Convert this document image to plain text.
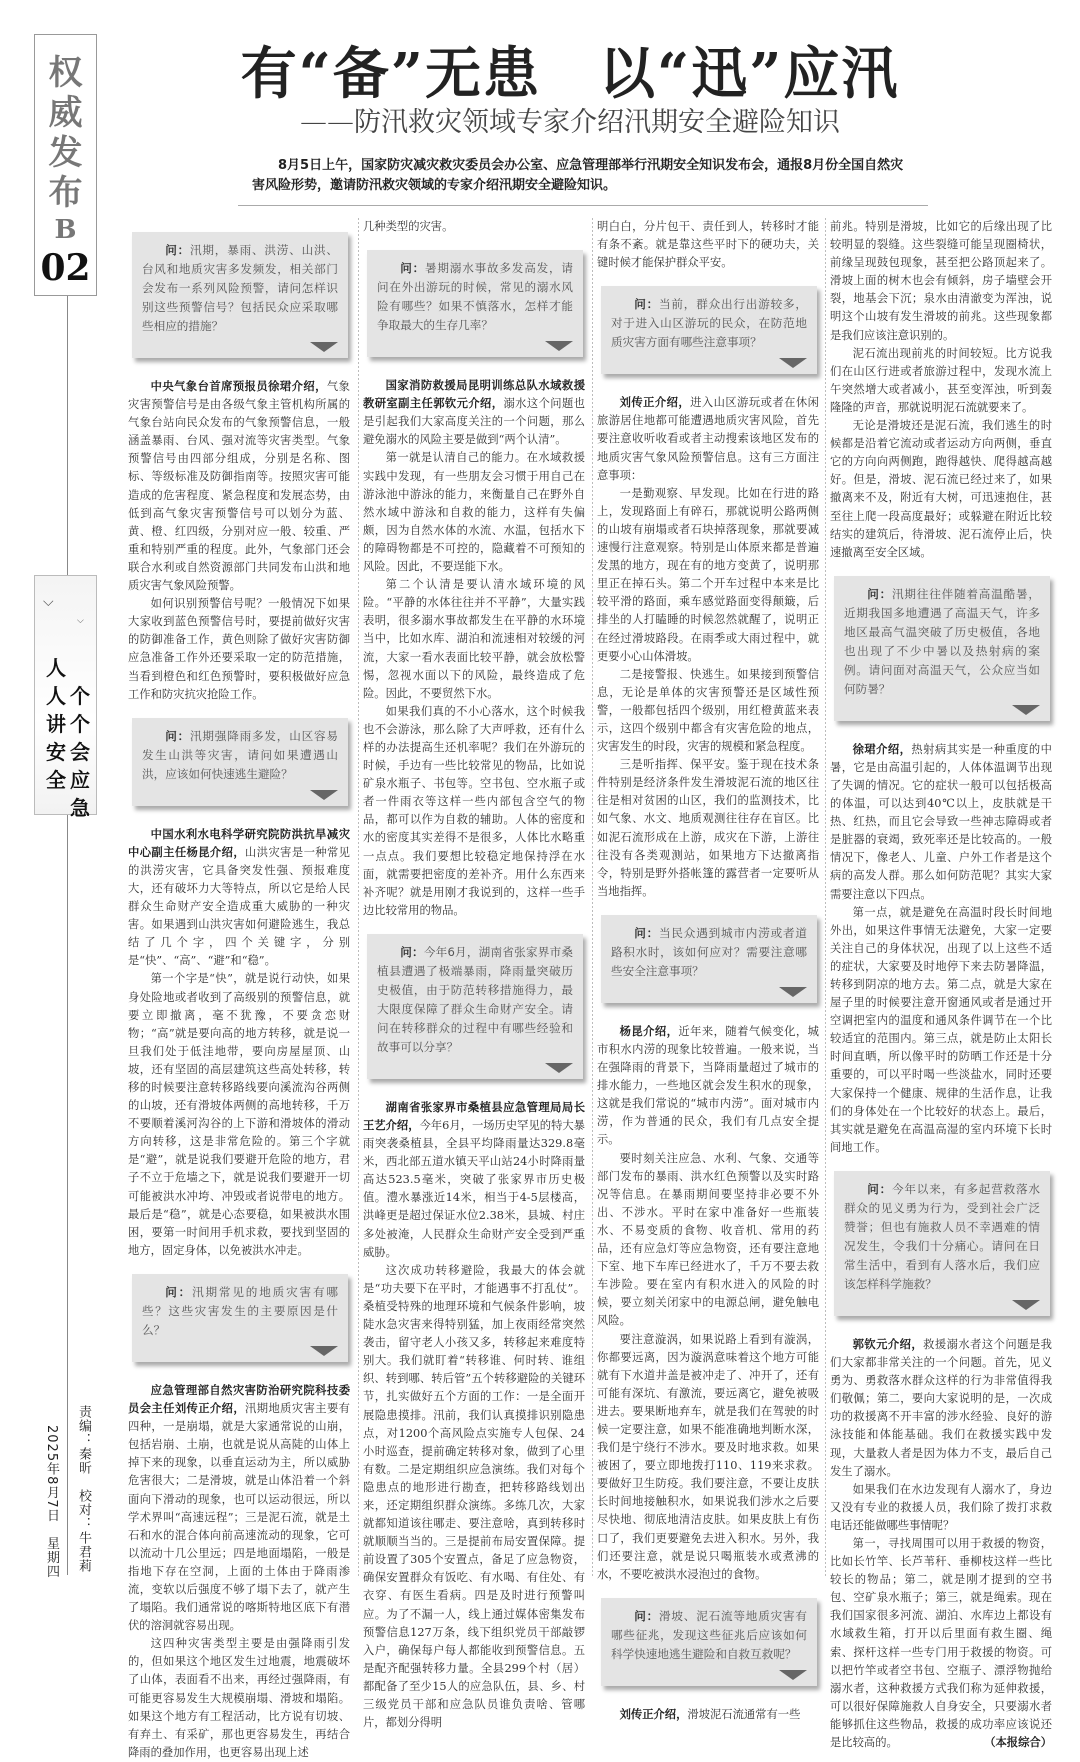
权
威
发
布
B
02
⌵
⌵
人
人
讲
安
全
个
个
会
应
急
责编：秦昕　校对：牛君莉
2025年8月7日　星期四
有“备”无患　以“迅”应汛
——防汛救灾领域专家介绍汛期安全避险知识
8月5日上午，国家防灾减灾救灾委员会办公室、应急管理部举行汛期安全知识发布会，通报8月份全国自然灾害风险形势，邀请防汛救灾领域的专家介绍汛期安全避险知识。
问：汛期，暴雨、洪涝、山洪、台风和地质灾害多发频发，相关部门会发布一系列风险预警，请问怎样识别这些预警信号？包括民众应采取哪些相应的措施？

中央气象台首席预报员徐珺介绍，气象灾害预警信号是由各级气象主管机构所属的气象台站向民众发布的气象预警信息，一般涵盖暴雨、台风、强对流等灾害类型。气象预警信号由四部分组成，分别是名称、图标、等级标准及防御指南等。按照灾害可能造成的危害程度、紧急程度和发展态势，由低到高气象灾害预警信号可以划分为蓝、黄、橙、红四级，分别对应一般、较重、严重和特别严重的程度。此外，气象部门还会联合水利或自然资源部门共同发布山洪和地质灾害气象风险预警。

如何识别预警信号呢？一般情况下如果大家收到蓝色预警信号时，要提前做好灾害的防御准备工作，黄色则除了做好灾害防御应急准备工作外还要采取一定的防范措施，当看到橙色和红色预警时，要积极做好应急工作和防灾抗灾抢险工作。

问：汛期强降雨多发，山区容易发生山洪等灾害，请问如果遭遇山洪，应该如何快速逃生避险？

中国水利水电科学研究院防洪抗旱减灾中心副主任杨昆介绍，山洪灾害是一种常见的洪涝灾害，它具备突发性强、预报难度大，还有破坏力大等特点，所以它是给人民群众生命财产安全造成重大威胁的一种灾害。如果遇到山洪灾害如何避险逃生，我总结了几个字，四个关键字，分别是“快”、“高”、“避”和“稳”。

第一个字是“快”，就是说行动快，如果身处险地或者收到了高级别的预警信息，就要立即撤离，毫不犹豫，不要贪恋财物；“高”就是要向高的地方转移，就是说一旦我们处于低洼地带，要向房屋屋顶、山坡，还有坚固的高层建筑这些高处转移，转移的时候要注意转移路线要向溪流沟谷两侧的山坡，还有滑坡体两侧的高地转移，千万不要顺着溪河沟谷的上下游和滑坡体的滑动方向转移，这是非常危险的。第三个字就是“避”，就是说我们要避开危险的地方，君子不立于危墙之下，就是说我们要避开一切可能被洪水冲垮、冲毁或者说带电的地方。最后是“稳”，就是心态要稳，如果被洪水围困，要第一时间用手机求救，要找到坚固的地方，固定身体，以免被洪水冲走。

问：汛期常见的地质灾害有哪些？这些灾害发生的主要原因是什么？

应急管理部自然灾害防治研究院科技委员会主任刘传正介绍，汛期地质灾害主要有四种，一是崩塌，就是大家通常说的山崩，包括岩崩、土崩，也就是说从高陡的山体上掉下来的现象，以垂直运动为主，所以威胁危害很大；二是滑坡，就是山体沿着一个斜面向下滑动的现象，也可以运动很远，所以学术界叫“高速远程”；三是泥石流，就是土石和水的混合体向前高速流动的现象，它可以流动十几公里远；四是地面塌陷，一般是指地下存在空洞，上面的土体由于降雨渗流，变软以后强度不够了塌下去了，就产生了塌陷。我们通常说的喀斯特地区底下有潜伏的溶洞就容易出现。

这四种灾害类型主要是由强降雨引发的，但如果这个地区发生过地震，地震破坏了山体，表面看不出来，再经过强降雨，有可能更容易发生大规模崩塌、滑坡和塌陷。如果这个地方有工程活动，比方说有切坡、有弃土、有采矿，那也更容易发生，再结合降雨的叠加作用，也更容易出现上述

几种类型的灾害。

问：暑期溺水事故多发高发，请问在外出游玩的时候，常见的溺水风险有哪些？如果不慎落水，怎样才能争取最大的生存几率？

国家消防救援局昆明训练总队水域救援教研室副主任郭钦元介绍，溺水这个问题也是引起我们大家高度关注的一个问题，那么避免溺水的风险主要是做到“两个认清”。

第一就是认清自己的能力。在水域救援实践中发现，有一些朋友会习惯于用自己在游泳池中游泳的能力，来衡量自己在野外自然水域中游泳和自救的能力，这样有失偏颇，因为自然水体的水流、水温，包括水下的障碍物都是不可控的，隐藏着不可预知的风险。因此，不要逞能下水。

第二个认清是要认清水域环境的风险。“平静的水体往往并不平静”，大量实践表明，很多溺水事故都发生在平静的水环境当中，比如水库、湖泊和流速相对较缓的河流，大家一看水表面比较平静，就会放松警惕，忽视水面以下的风险，最终造成了危险。因此，不要贸然下水。

如果我们真的不小心落水，这个时候我也不会游泳，那么除了大声呼救，还有什么样的办法提高生还机率呢？我们在外游玩的时候，手边有一些比较常见的物品，比如说矿泉水瓶子、书包等。空书包、空水瓶子或者一件雨衣等这样一些内部包含空气的物品，都可以作为自救的辅助。人体的密度和水的密度其实差得不是很多，人体比水略重一点点。我们要想比较稳定地保持浮在水面，就需要把密度的差补齐。用什么东西来补齐呢？就是用刚才我说到的，这样一些手边比较常用的物品。

问：今年6月，湖南省张家界市桑植县遭遇了极端暴雨，降雨量突破历史极值，由于防范转移措施得力，最大限度保障了群众生命财产安全。请问在转移群众的过程中有哪些经验和故事可以分享？

湖南省张家界市桑植县应急管理局局长王艺介绍，今年6月，一场历史罕见的特大暴雨突袭桑植县，全县平均降雨量达329.8毫米，西北部五道水镇天平山站24小时降雨量高达523.5毫米，突破了张家界市历史极值。澧水暴涨近14米，相当于4-5层楼高，洪峰更是超过保证水位2.38米，县城、村庄多处被淹，人民群众生命财产安全受到严重威胁。

这次成功转移避险，我最大的体会就是“功夫要下在平时，才能遇事不打乱仗”。桑植受特殊的地理环境和气候条件影响，坡陡水急灾害来得特别猛，加上夜雨经常突然袭击，留守老人小孩又多，转移起来难度特别大。我们就盯着“转移谁、何时转、谁组织、转到哪、转后管”五个转移避险的关键环节，扎实做好五个方面的工作：一是全面开展隐患摸排。汛前，我们认真摸排识别隐患点，对1200个高风险点实施专人包保、24小时巡查，提前确定转移对象，做到了心里有数。二是定期组织应急演练。我们对每个隐患点的地形进行勘查，把转移路线划出来，还定期组织群众演练。多练几次，大家就都知道该往哪走、要注意啥，真到转移时就顺顺当当的。三是提前布局安置保障。提前设置了305个安置点，备足了应急物资，确保安置群众有饭吃、有水喝、有住处、有衣穿、有医生看病。四是及时进行预警叫应。为了不漏一人，线上通过媒体密集发布预警信息127万条，线下组织党员干部敲锣入户，确保每户每人都能收到预警信息。五是配齐配强转移力量。全县299个村（居）都配备了至少15人的应急队伍，县、乡、村三级党员干部和应急队员谁负责啥、管哪片，都划分得明

明白白，分片包干、责任到人，转移时才能有条不紊。就是靠这些平时下的硬功夫，关键时候才能保护群众平安。

问：当前，群众出行出游较多，对于进入山区游玩的民众，在防范地质灾害方面有哪些注意事项？

刘传正介绍，进入山区游玩或者在休闲旅游居住地都可能遭遇地质灾害风险，首先要注意收听收看或者主动搜索该地区发布的地质灾害气象风险预警信息。这有三方面注意事项：

一是勤观察、早发现。比如在行进的路上，发现路面上有碎石，那就说明公路两侧的山坡有崩塌或者石块掉落现象，那就要减速慢行注意观察。特别是山体原来都是普遍发黑的地方，现在有的地方变黄了，说明那里正在掉石头。第二个开车过程中本来是比较平滑的路面，乘车感觉路面变得颠簸，后排坐的人打瞌睡的时候忽然就醒了，说明正在经过滑坡路段。在雨季或大雨过程中，就更要小心山体滑坡。

二是接警报、快逃生。如果接到预警信息，无论是单体的灾害预警还是区域性预警，一般都包括四个级别，用红橙黄蓝来表示，这四个级别中都含有灾害危险的地点，灾害发生的时段，灾害的规模和紧急程度。

三是听指挥、保平安。鉴于现在技术条件特别是经济条件发生滑坡泥石流的地区往往是相对贫困的山区，我们的监测技术，比如气象、水文、地质观测往往存在盲区。比如泥石流形成在上游，成灾在下游，上游往往没有各类观测站，如果地方下达撤离指令，特别是野外搭帐篷的露营者一定要听从当地指挥。

问：当民众遇到城市内涝或者道路积水时，该如何应对？需要注意哪些安全注意事项？

杨昆介绍，近年来，随着气候变化，城市积水内涝的现象比较普遍。一般来说，当在强降雨的背景下，当降雨量超过了城市的排水能力，一些地区就会发生积水的现象，这就是我们常说的“城市内涝”。面对城市内涝，作为普通的民众，我们有几点安全提示。

要时刻关注应急、水利、气象、交通等部门发布的暴雨、洪水红色预警以及实时路况等信息。在暴雨期间要坚持非必要不外出、不涉水。平时在家中准备好一些瓶装水、不易变质的食物、收音机、常用的药品，还有应急灯等应急物资，还有要注意地下室、地下车库已经进水了，千万不要去救车涉险。要在室内有积水进入的风险的时候，要立刻关闭家中的电源总闸，避免触电风险。

要注意漩涡，如果说路上看到有漩涡，你都要远离，因为漩涡意味着这个地方可能就有下水道井盖是被冲走了、冲开了，还有可能有深坑、有激流，要远离它，避免被吸进去。要果断地弃车，就是我们在驾驶的时候一定要注意，如果不能准确地判断水深，我们是宁绕行不涉水。要及时地求救。如果被困了，要立即地拨打110、119来求救。要做好卫生防疫。我们要注意，不要让皮肤长时间地接触积水，如果说我们涉水之后要尽快地、彻底地清洁皮肤。如果皮肤上有伤口了，我们更要避免去进入积水。另外，我们还要注意，就是说只喝瓶装水或煮沸的水，不要吃被洪水浸泡过的食物。

问：滑坡、泥石流等地质灾害有哪些征兆，发现这些征兆后应该如何科学快速地逃生避险和自救互救呢？

刘传正介绍，滑坡泥石流通常有一些

前兆。特别是滑坡，比如它的后缘出现了比较明显的裂缝。这些裂缝可能呈现圈椅状，前缘呈现鼓包现象，甚至把公路顶起来了。滑坡上面的树木也会有倾斜，房子墙壁会开裂，地基会下沉；泉水由清澈变为浑浊，说明这个山坡有发生滑坡的前兆。这些现象都是我们应该注意识别的。

泥石流出现前兆的时间较短。比方说我们在山区行进或者旅游过程中，发现水流上午突然增大或者减小，甚至变浑浊，听到轰隆隆的声音，那就说明泥石流就要来了。

无论是滑坡还是泥石流，我们逃生的时候都是沿着它流动或者运动方向两侧，垂直它的方向向两侧跑，跑得越快、爬得越高越好。但是，滑坡、泥石流已经过来了，如果撤离来不及，附近有大树，可迅速抱住，甚至往上爬一段高度最好；或躲避在附近比较结实的建筑后，待滑坡、泥石流停止后，快速撤离至安全区域。

问：汛期往往伴随着高温酷暑，近期我国多地遭遇了高温天气，许多地区最高气温突破了历史极值，各地也出现了不少中暑以及热射病的案例。请问面对高温天气，公众应当如何防暑？

徐珺介绍，热射病其实是一种重度的中暑，它是由高温引起的，人体体温调节出现了失调的情况。它的症状一般可以包括极高的体温，可以达到40℃以上，皮肤就是干热、红热，而且它会导致一些神志障碍或者是脏器的衰竭，致死率还是比较高的。一般情况下，像老人、儿童、户外工作者是这个病的高发人群。那么如何防范呢？其实大家需要注意以下四点。

第一点，就是避免在高温时段长时间地外出，如果这件事情无法避免，大家一定要关注自己的身体状况，出现了以上这些不适的症状，大家要及时地停下来去防暑降温，转移到阴凉的地方去。第二点，就是大家在屋子里的时候要注意开窗通风或者是通过开空调把室内的温度和通风条件调节在一个比较适宜的范围内。第三点，就是防止太阳长时间直晒，所以像平时的防晒工作还是十分重要的，可以平时喝一些淡盐水，同时还要大家保持一个健康、规律的生活作息，让我们的身体处在一个比较好的状态上。最后，其实就是避免在高温高湿的室内环境下长时间地工作。

问：今年以来，有多起营救落水群众的见义勇为行为，受到社会广泛赞誉；但也有施救人员不幸遇难的情况发生，令我们十分痛心。请问在日常生活中，看到有人落水后，我们应该怎样科学施救？

郭钦元介绍，救援溺水者这个问题是我们大家都非常关注的一个问题。首先，见义勇为、勇救落水群众这样的行为非常值得我们敬佩；第二，要向大家说明的是，一次成功的救援离不开丰富的涉水经验、良好的游泳技能和体能基础。我们在救援实践中发现，大量救人者是因为体力不支，最后自己发生了溺水。

如果我们在水边发现有人溺水了，身边又没有专业的救援人员，我们除了拨打求救电话还能做哪些事情呢？

第一，寻找周围可以用于救援的物资，比如长竹竿、长芦苇秆、垂柳枝这样一些比较长的物品；第二，就是刚才提到的空书包、空矿泉水瓶子；第三，就是绳索。现在我们国家很多河流、湖泊、水库边上都设有水域救生箱，打开以后里面有救生圈、绳索、探杆这样一些专门用于救援的物资。可以把竹竿或者空书包、空瓶子、漂浮物抛给溺水者，这种救援方式我们称为延伸救援，可以很好保障施救人自身安全，只要溺水者能够抓住这些物品，救援的成功率应该说还是比较高的。	（本报综合）
